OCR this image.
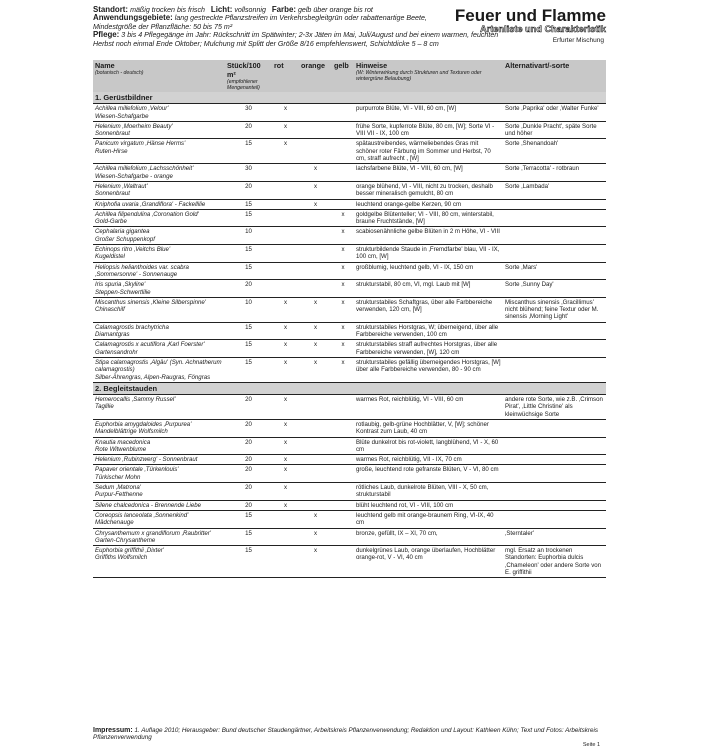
Standort: mäßig trocken bis frisch Licht: vollsonnig Farbe: gelb über orange bis rot
Anwendungsgebiete: lang gestreckte Pflanzstreifen im Verkehrsbegleitgrün oder rabattenartige Beete,
Mindestgröße der Pflanzfläche: 50 bis 75 m²
Pflege: 3 bis 4 Pflegegänge im Jahr: Rückschnitt im Spätwinter; 2-3x Jäten im Mai, Juli/August und bei einem warmen, feuchten
Herbst noch einmal Ende Oktober; Mulchung mit Splitt der Größe 8/16 empfehlenswert, Schichtdicke 5 – 8 cm
Feuer und Flamme
Artenliste und Charakteristik
Erfurter Mischung
Name
(botanisch - deutsch)	Stück/100 m²
(empfohlener Mengenanteil)	rot	orange	gelb	Hinweise
(W: Winterwirkung durch Strukturen und Texturen oder wintergrüne Belaubung)	Alternativart/-sorte
1. Gerüstbildner						

Achillea millefolium ‚Velour'
Wiesen-Schafgarbe	30	x			purpurrote Blüte, VI - VIII, 60 cm, [W]	Sorte ‚Paprika' oder ‚Walter Funke'

Helenium ‚Moerheim Beauty'
Sonnenbraut	20	x			frühe Sorte, kupferrote Blüte, 80 cm, [W]; Sorte VI - VIII VII - IX, 100 cm	Sorte ‚Dunkle Pracht', späte Sorte und höher

Panicum virgatum ‚Hänse Herms'
Ruten-Hirse	15	x			spätaustreibendes, wärmeliebendes Gras mit schöner roter Färbung im Sommer und Herbst, 70 cm, straff aufrecht , [W]	Sorte ‚Shenandoah'

Achillea millefolium ‚Lachsschönheit'
Wiesen-Schafgarbe - orange	30		x		lachsfarbene Blüte, VI - VIII, 60 cm, [W]	Sorte ‚Terracotta' - rotbraun

Helenium ‚Waltraut'
Sonnenbraut	20		x		orange blühend, VI - VIII, nicht zu trocken, deshalb besser mineralisch gemulcht, 80 cm	Sorte ‚Lambada'

Kniphofia uvaria ‚Grandiflora' - Fackellilie	15		x		leuchtend orange-gelbe Kerzen, 90 cm	

Achillea filipendulina ‚Coronation Gold'
Gold-Garbe	15			x	goldgelbe Blütenteller; VI - VIII, 80 cm, winterstabil, braune Fruchtstände, [W]	

Cephalaria gigantea
Großer Schuppenkopf	10			x	scabiosenähnliche gelbe Blüten in 2 m Höhe, VI - VIII	

Echinops ritro ‚Veitchs Blue'
Kugeldistel	15			x	strukturbildende Staude in ‚Fremdfarbe' blau, VII - IX, 100 cm, [W]	

Heliopsis helianthoides var. scabra ‚Sommersonne' - Sonnenauge	15			x	großblumig, leuchtend gelb, VI - IX, 150 cm	Sorte ‚Mars'

Iris spuria ‚Skyline'
Steppen-Schwertlilie	20			x	strukturstabil, 80 cm, VI, mgl. Laub mit [W]	Sorte ‚Sunny Day'

Miscanthus sinensis ‚Kleine Silberspinne'
Chinaschilf	10	x	x	x	strukturstabiles Schaftgras, über alle Farbbereiche verwenden, 120 cm, [W]	Miscanthus sinensis ‚Gracillimus' nicht blühend; feine Textur oder M. sinensis ‚Morning Light'

Calamagrostis brachytricha
Diamantgras	15	x	x	x	strukturstabiles Horstgras, W; überneigend, über alle Farbbereiche verwenden, 100 cm	

Calamagrostis x acutiflora ‚Karl Foerster'
Gartensandrohr	15	x	x	x	strukturstabiles straff aufrechtes Horstgras, über alle Farbbereiche verwenden, [W], 120 cm	

Stipa calamagrostis ‚Algäu' (Syn. Achnatherum calamagrostis)
Silber-Ährengras, Alpen-Raugras, Föngras	15	x	x	x	strukturstabiles gefällig überneigendes Horstgras, [W] über alle Farbbereiche verwenden, 80 - 90 cm	
2. Begleitstauden						

Hemerocallis ‚Sammy Russel'
Taglilie	20	x			warmes Rot, reichblütig, VI - VIII, 60 cm	andere rote Sorte, wie z.B. ‚Crimson Pirat', ‚Little Christine' als kleinwüchsige Sorte

Euphorbia amygdaloides ‚Purpurea'
Mandelblättrige Wolfsmilch	20	x			rotlaubig, gelb-grüne Hochblätter, V, [W]; schöner Kontrast zum Laub, 40 cm	

Knautia macedonica
Rote Witwenblume	20	x			Blüte dunkelrot bis rot-violett, langblühend, VI - X, 60 cm	

Helenium ‚Rubinzwerg' - Sonnenbraut	20	x			warmes Rot, reichblütig, VII - IX, 70 cm	

Papaver orientale ‚Türkenlouis'
Türkischer Mohn	20	x			große, leuchtend rote gefranste Blüten, V - VI, 80 cm	

Sedum ‚Matrona'
Purpur-Fetthenne	20	x			rötliches Laub, dunkelrote Blüten, VIII - X, 50 cm, strukturstabil	

Silene chalcedonica - Brennende Liebe	20	x			blüht leuchtend rot, VI - VIII, 100 cm	

Coreopsis lanceolata ‚Sonnenkind'
Mädchenauge	15		x		leuchtend gelb mit orange-braunem Ring, VI-IX, 40 cm	

Chrysanthemum x grandiflorum ‚Raubritter'
Garten-Chrysantheme	15		x		bronze, gefüllt, IX – XI, 70 cm,	‚Sterntaler'

Euphorbia griffithii ‚Dixter'
Griffiths Wolfsmilch	15		x		dunkelgrünes Laub, orange überlaufen, Hochblätter orange-rot, V - VI, 40 cm	mgl. Ersatz an trockenen Standorten: Euphorbia dulcis ‚Chameleon' oder andere Sorte von E. griffithii
Impressum: 1. Auflage 2010; Herausgeber: Bund deutscher Staudengärtner, Arbeitskreis Pflanzenverwendung; Redaktion und Layout: Kathleen Kühn; Text und Fotos: Arbeitskreis Pflanzenverwendung
Seite 1
